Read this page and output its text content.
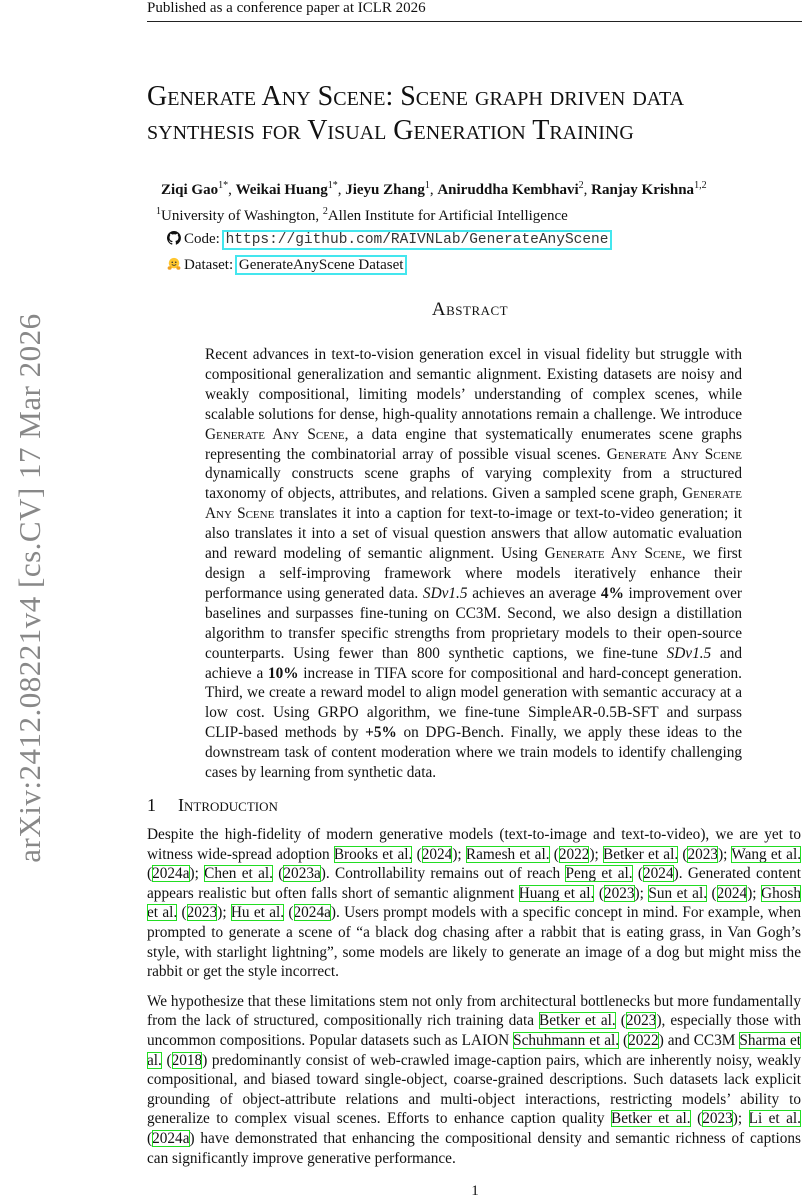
Published as a conference paper at ICLR 2026
arXiv:2412.08221v4 [cs.CV] 17 Mar 2026
Generate Any Scene: Scene graph driven data
synthesis for Visual Generation Training
Ziqi Gao$^{1*}$, Weikai Huang$^{1*}$, Jieyu Zhang$^1$, Aniruddha Kembhavi$^2$, Ranjay Krishna$^{1,2}$
$^1$University of Washington, $^2$Allen Institute for Artificial Intelligence
Code: https://github.com/RAIVNLab/GenerateAnyScene
Dataset: GenerateAnyScene Dataset
Abstract
Recent advances in text-to-vision generation excel in visual fidelity but struggle with compositional generalization and semantic alignment. Existing datasets are noisy and weakly compositional, limiting models’ understanding of complex scenes, while scalable solutions for dense, high-quality annotations remain a challenge. We introduce Generate Any Scene, a data engine that systematically enumerates scene graphs representing the combinatorial array of possible visual scenes. Generate Any Scene dynamically constructs scene graphs of varying complexity from a structured taxonomy of objects, attributes, and relations. Given a sampled scene graph, Generate Any Scene translates it into a caption for text-to-image or text-to-video generation; it also translates it into a set of visual question answers that allow automatic evaluation and reward modeling of semantic alignment. Using Generate Any Scene, we first design a self-improving framework where models iteratively enhance their performance using generated data. SDv1.5 achieves an average 4% improvement over baselines and surpasses fine-tuning on CC3M. Second, we also design a distillation algorithm to transfer specific strengths from proprietary models to their open-source counterparts. Using fewer than 800 synthetic captions, we fine-tune SDv1.5 and achieve a 10% increase in TIFA score for compositional and hard-concept generation. Third, we create a reward model to align model generation with semantic accuracy at a low cost. Using GRPO algorithm, we fine-tune SimpleAR-0.5B-SFT and surpass CLIP-based methods by +5% on DPG-Bench. Finally, we apply these ideas to the downstream task of content moderation where we train models to identify challenging cases by learning from synthetic data.
1 Introduction

Despite the high-fidelity of modern generative models (text-to-image and text-to-video), we are yet to witness wide-spread adoption Brooks et al. (2024); Ramesh et al. (2022); Betker et al. (2023); Wang et al. (2024a); Chen et al. (2023a). Controllability remains out of reach Peng et al. (2024). Generated content appears realistic but often falls short of semantic alignment Huang et al. (2023); Sun et al. (2024); Ghosh et al. (2023); Hu et al. (2024a). Users prompt models with a specific concept in mind. For example, when prompted to generate a scene of “a black dog chasing after a rabbit that is eating grass, in Van Gogh’s style, with starlight lightning”, some models are likely to generate an image of a dog but might miss the rabbit or get the style incorrect.

We hypothesize that these limitations stem not only from architectural bottlenecks but more fundamentally from the lack of structured, compositionally rich training data Betker et al. (2023), especially those with uncommon compositions. Popular datasets such as LAION Schuhmann et al. (2022) and CC3M Sharma et al. (2018) predominantly consist of web-crawled image-caption pairs, which are inherently noisy, weakly compositional, and biased toward single-object, coarse-grained descriptions. Such datasets lack explicit grounding of object-attribute relations and multi-object interactions, restricting models’ ability to generalize to complex visual scenes. Efforts to enhance caption quality Betker et al. (2023); Li et al. (2024a) have demonstrated that enhancing the compositional density and semantic richness of captions can significantly improve generative performance.

1
